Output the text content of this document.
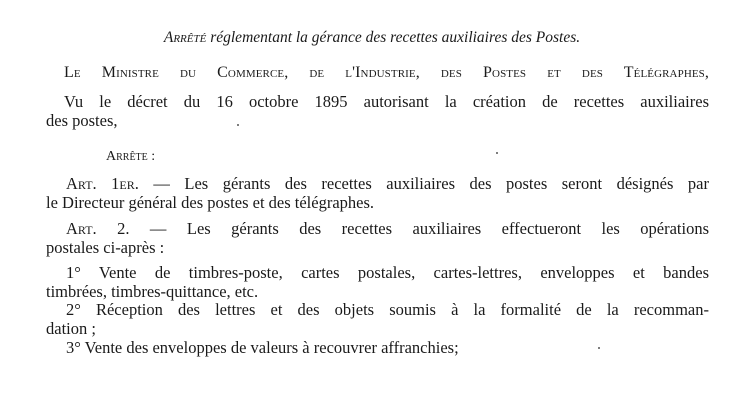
Arrêté réglementant la gérance des recettes auxiliaires des Postes.
Le Ministre du Commerce, de l'Industrie, des Postes et des Télégraphes,
Vu le décret du 16 octobre 1895 autorisant la création de recettes auxiliaires
des postes,
Arrête :
Art. 1er. — Les gérants des recettes auxiliaires des postes seront désignés par
le Directeur général des postes et des télégraphes.
Art. 2. — Les gérants des recettes auxiliaires effectueront les opérations
postales ci-après :
1° Vente de timbres-poste, cartes postales, cartes-lettres, enveloppes et bandes
timbrées, timbres-quittance, etc.
2° Réception des lettres et des objets soumis à la formalité de la recomman-
dation ;
3° Vente des enveloppes de valeurs à recouvrer affranchies;
